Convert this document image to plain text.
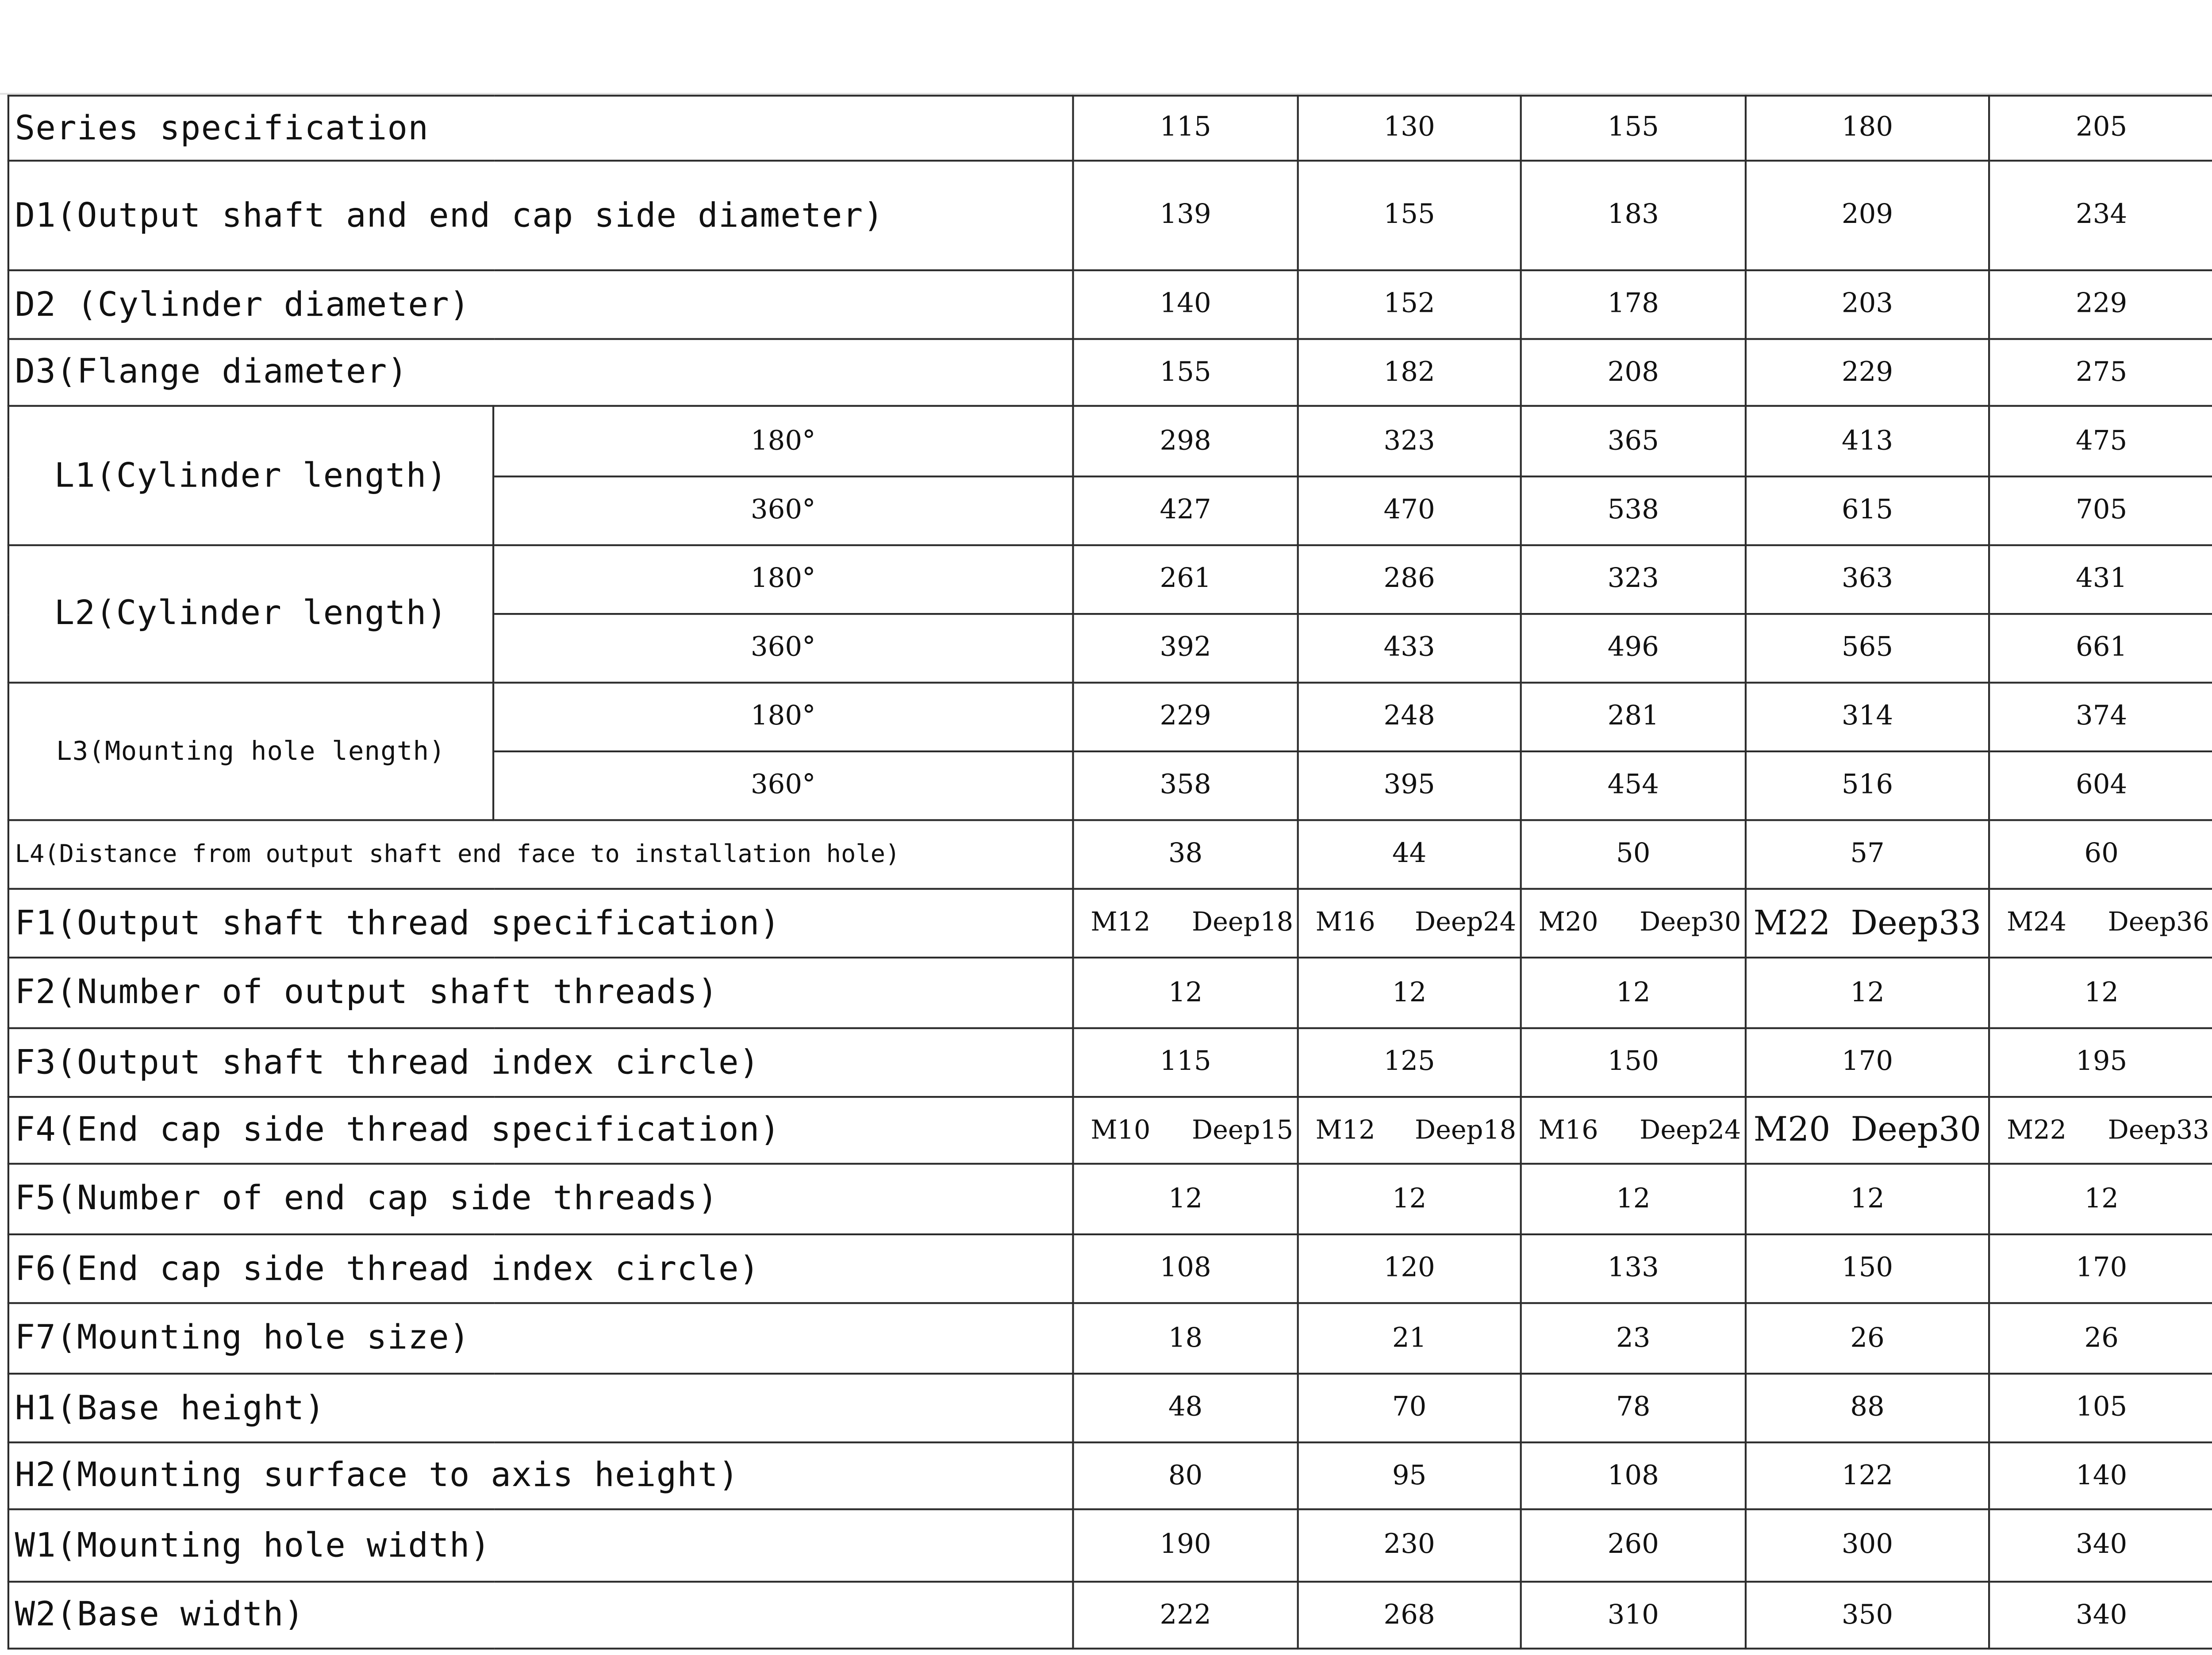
Series specification		115	130	155	180	205			
D1(Output shaft and end cap side diameter)		139	155	183	209	234			
D2 (Cylinder diameter)		140	152	178	203	229			
D3(Flange diameter)		155	182	208	229	275			
L1(Cylinder length)	180°	298	323	365	413	475			
	360°	427	470	538	615	705			
L2(Cylinder length)	180°	261	286	323	363	431			
	360°	392	433	496	565	661			
L3(Mounting hole length)	180°	229	248	281	314	374			
	360°	358	395	454	516	604			
L4(Distance from output shaft end face to installation hole)		38	44	50	57	60			
F1(Output shaft thread specification)		M12 Deep18	M16 Deep24	M20 Deep30	M22 Deep33	M24 Deep36

F2(Number of output shaft threads)		12	12	12	12	12			
F3(Output shaft thread index circle)		115	125	150	170	195			
F4(End cap side thread specification)		M10 Deep15	M12 Deep18	M16 Deep24	M20 Deep30	M22 Deep33

F5(Number of end cap side threads)		12	12	12	12	12			
F6(End cap side thread index circle)		108	120	133	150	170			
F7(Mounting hole size)		18	21	23	26	26			
H1(Base height)		48	70	78	88	105			
H2(Mounting surface to axis height)		80	95	108	122	140			
W1(Mounting hole width)		190	230	260	300	340			
W2(Base width)		222	268	310	350	340			
